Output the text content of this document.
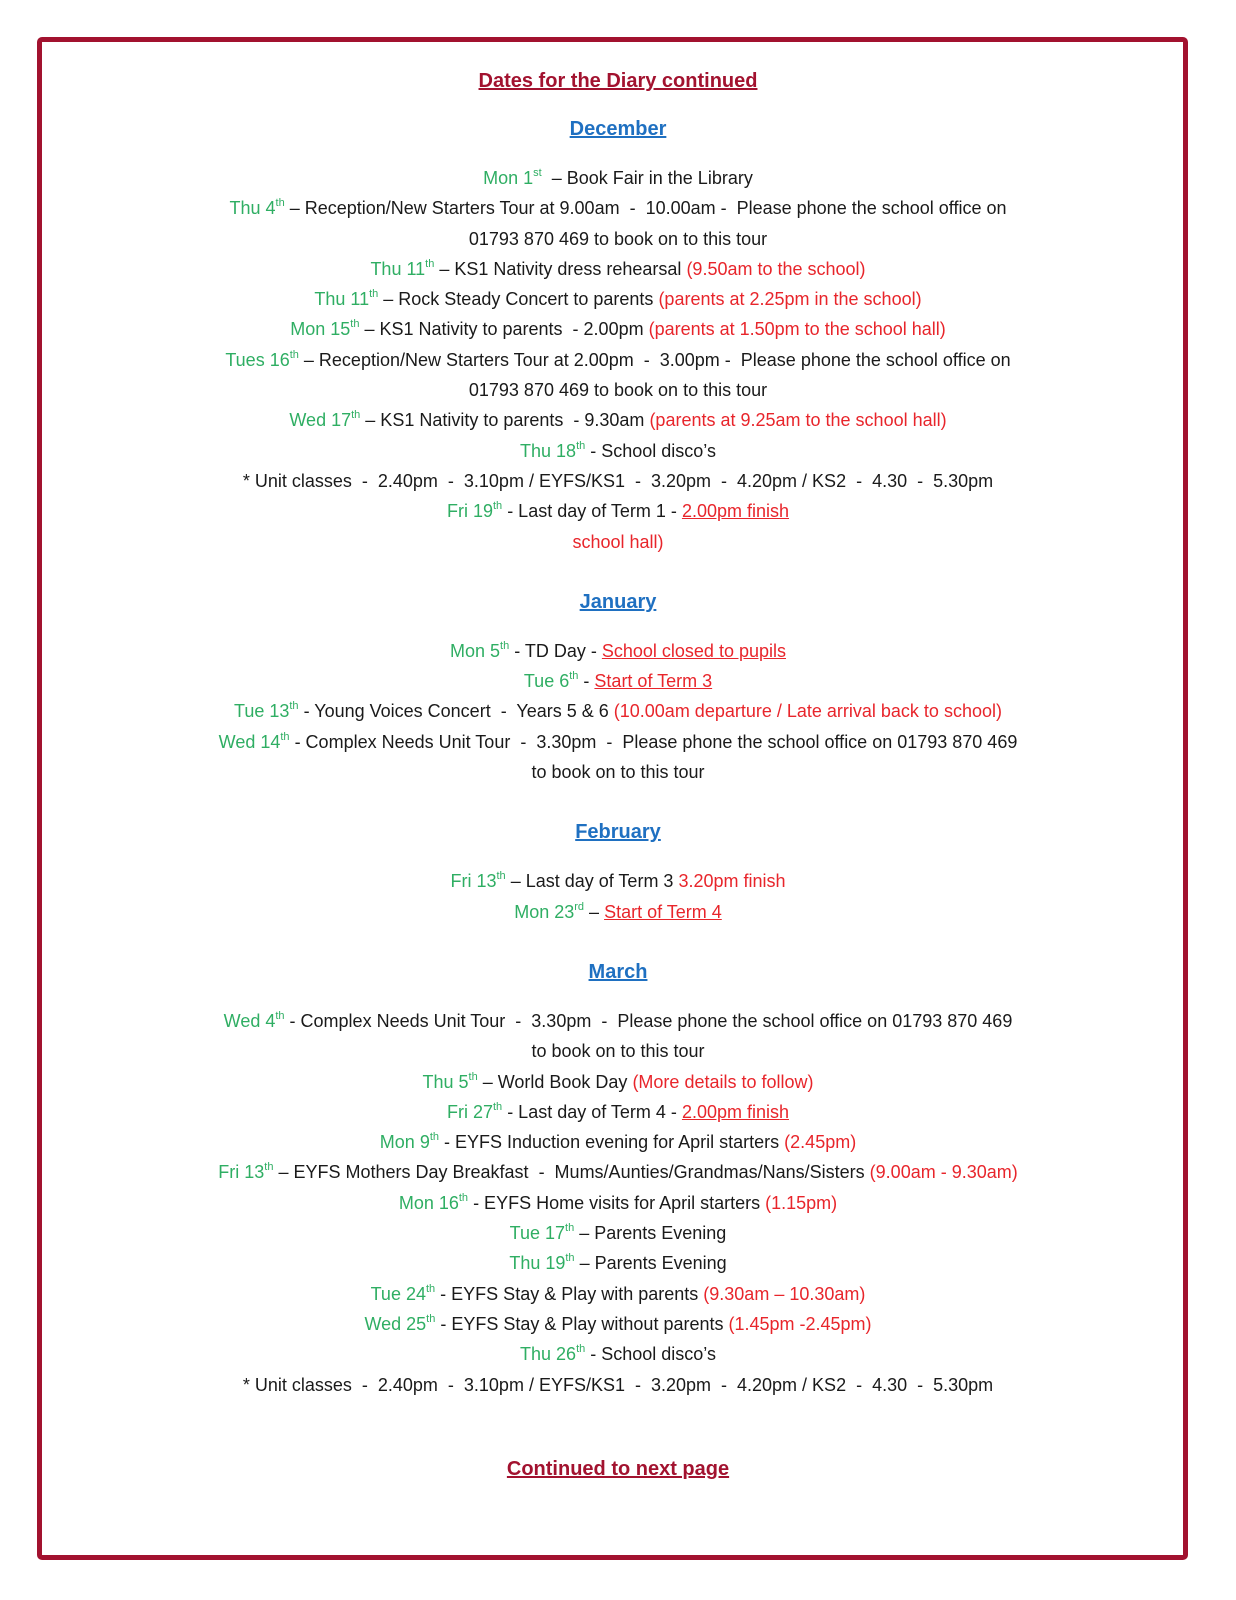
Dates for the Diary continued
December
Mon 1st  – Book Fair in the Library
Thu 4th – Reception/New Starters Tour at 9.00am  -  10.00am -  Please phone the school office on
01793 870 469 to book on to this tour
Thu 11th – KS1 Nativity dress rehearsal (9.50am to the school)
Thu 11th – Rock Steady Concert to parents (parents at 2.25pm in the school)
Mon 15th – KS1 Nativity to parents  - 2.00pm (parents at 1.50pm to the school hall)
Tues 16th – Reception/New Starters Tour at 2.00pm  -  3.00pm -  Please phone the school office on
01793 870 469 to book on to this tour
Wed 17th – KS1 Nativity to parents  - 9.30am (parents at 9.25am to the school hall)
Thu 18th - School disco’s
* Unit classes  -  2.40pm  -  3.10pm / EYFS/KS1  -  3.20pm  -  4.20pm / KS2  -  4.30  -  5.30pm
Fri 19th - Last day of Term 1 - 2.00pm finish
school hall)
January
Mon 5th - TD Day - School closed to pupils
Tue 6th - Start of Term 3
Tue 13th - Young Voices Concert  -  Years 5 & 6 (10.00am departure / Late arrival back to school)
Wed 14th - Complex Needs Unit Tour  -  3.30pm  -  Please phone the school office on 01793 870 469
to book on to this tour
February
Fri 13th – Last day of Term 3 3.20pm finish
Mon 23rd – Start of Term 4
March
Wed 4th - Complex Needs Unit Tour  -  3.30pm  -  Please phone the school office on 01793 870 469
to book on to this tour
Thu 5th – World Book Day (More details to follow)
Fri 27th - Last day of Term 4 - 2.00pm finish
Mon 9th - EYFS Induction evening for April starters (2.45pm)
Fri 13th – EYFS Mothers Day Breakfast  -  Mums/Aunties/Grandmas/Nans/Sisters (9.00am - 9.30am)
Mon 16th - EYFS Home visits for April starters (1.15pm)
Tue 17th – Parents Evening
Thu 19th – Parents Evening
Tue 24th - EYFS Stay & Play with parents (9.30am – 10.30am)
Wed 25th - EYFS Stay & Play without parents (1.45pm -2.45pm)
Thu 26th - School disco’s
* Unit classes  -  2.40pm  -  3.10pm / EYFS/KS1  -  3.20pm  -  4.20pm / KS2  -  4.30  -  5.30pm
Continued to next page
